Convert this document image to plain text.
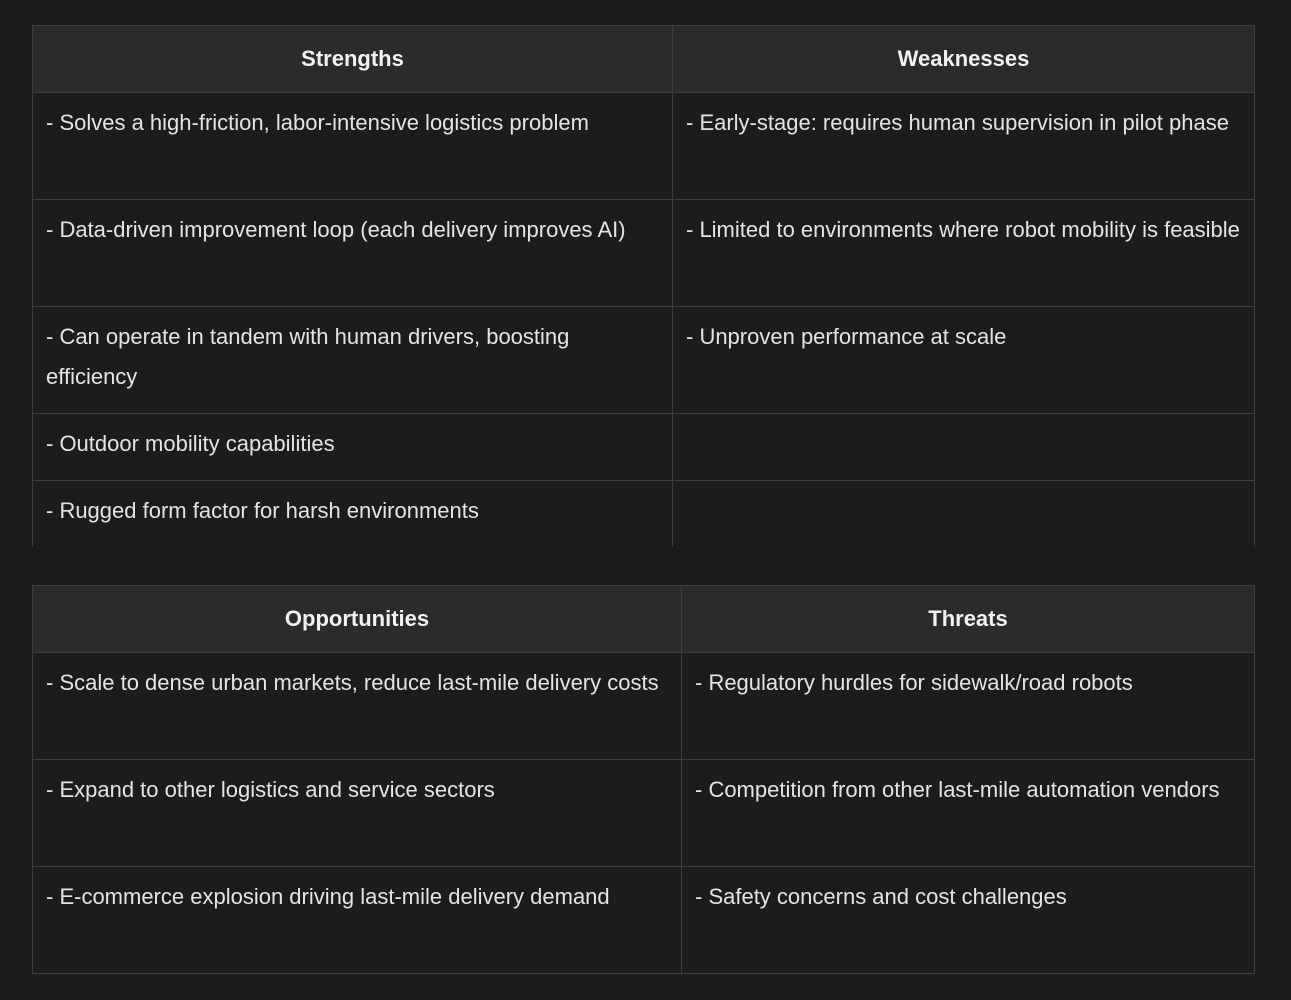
Strengths	Weaknesses
- Solves a high-friction, labor-intensive logistics problem	- Early-stage: requires human supervision in pilot phase
- Data-driven improvement loop (each delivery improves AI)	- Limited to environments where robot mobility is feasible
- Can operate in tandem with human drivers, boosting efficiency	- Unproven performance at scale
- Outdoor mobility capabilities	
- Rugged form factor for harsh environments	
Opportunities	Threats
- Scale to dense urban markets, reduce last-mile delivery costs	- Regulatory hurdles for sidewalk/road robots
- Expand to other logistics and service sectors	- Competition from other last-mile automation vendors
- E-commerce explosion driving last-mile delivery demand	- Safety concerns and cost challenges
